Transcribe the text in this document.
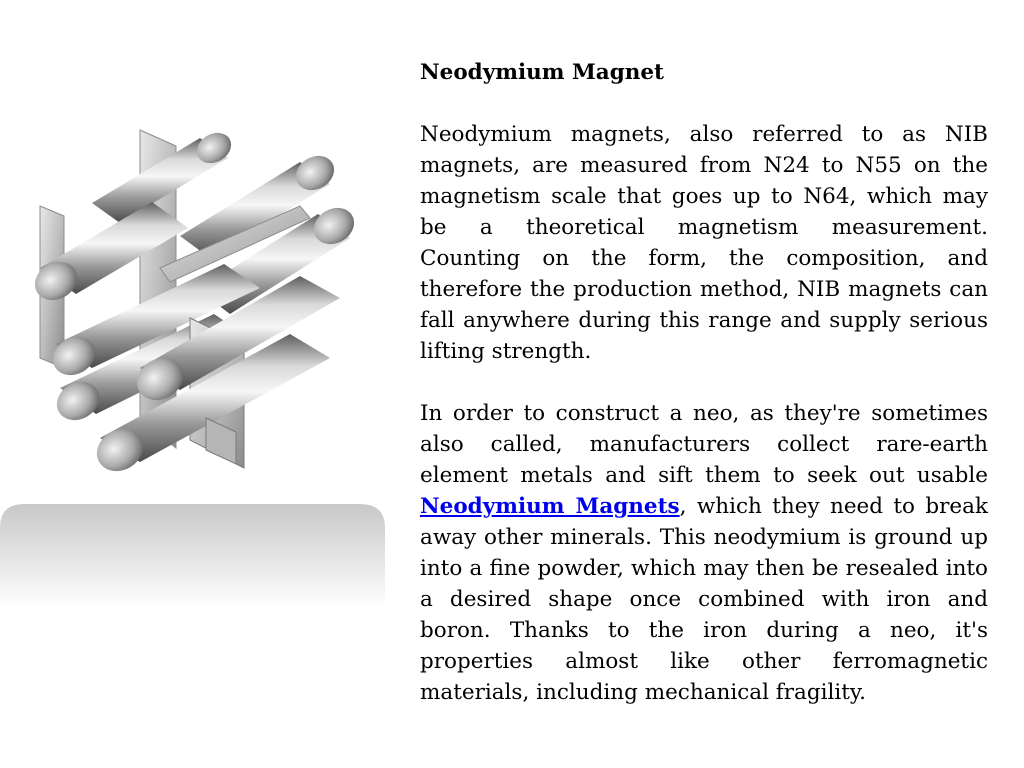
Neodymium Magnet

Neodymium magnets, also referred to as NIB magnets, are measured from N24 to N55 on the magnetism scale that goes up to N64, which may be a theoretical magnetism measurement. Counting on the form, the composition, and therefore the production method, NIB magnets can fall anywhere during this range and supply serious lifting strength.

In order to construct a neo, as they're sometimes also called, manufacturers collect rare-earth element metals and sift them to seek out usable Neodymium Magnets, which they need to break away other minerals. This neodymium is ground up into a fine powder, which may then be resealed into a desired shape once combined with iron and boron. Thanks to the iron during a neo, it's properties almost like other ferromagnetic materials, including mechanical fragility.
